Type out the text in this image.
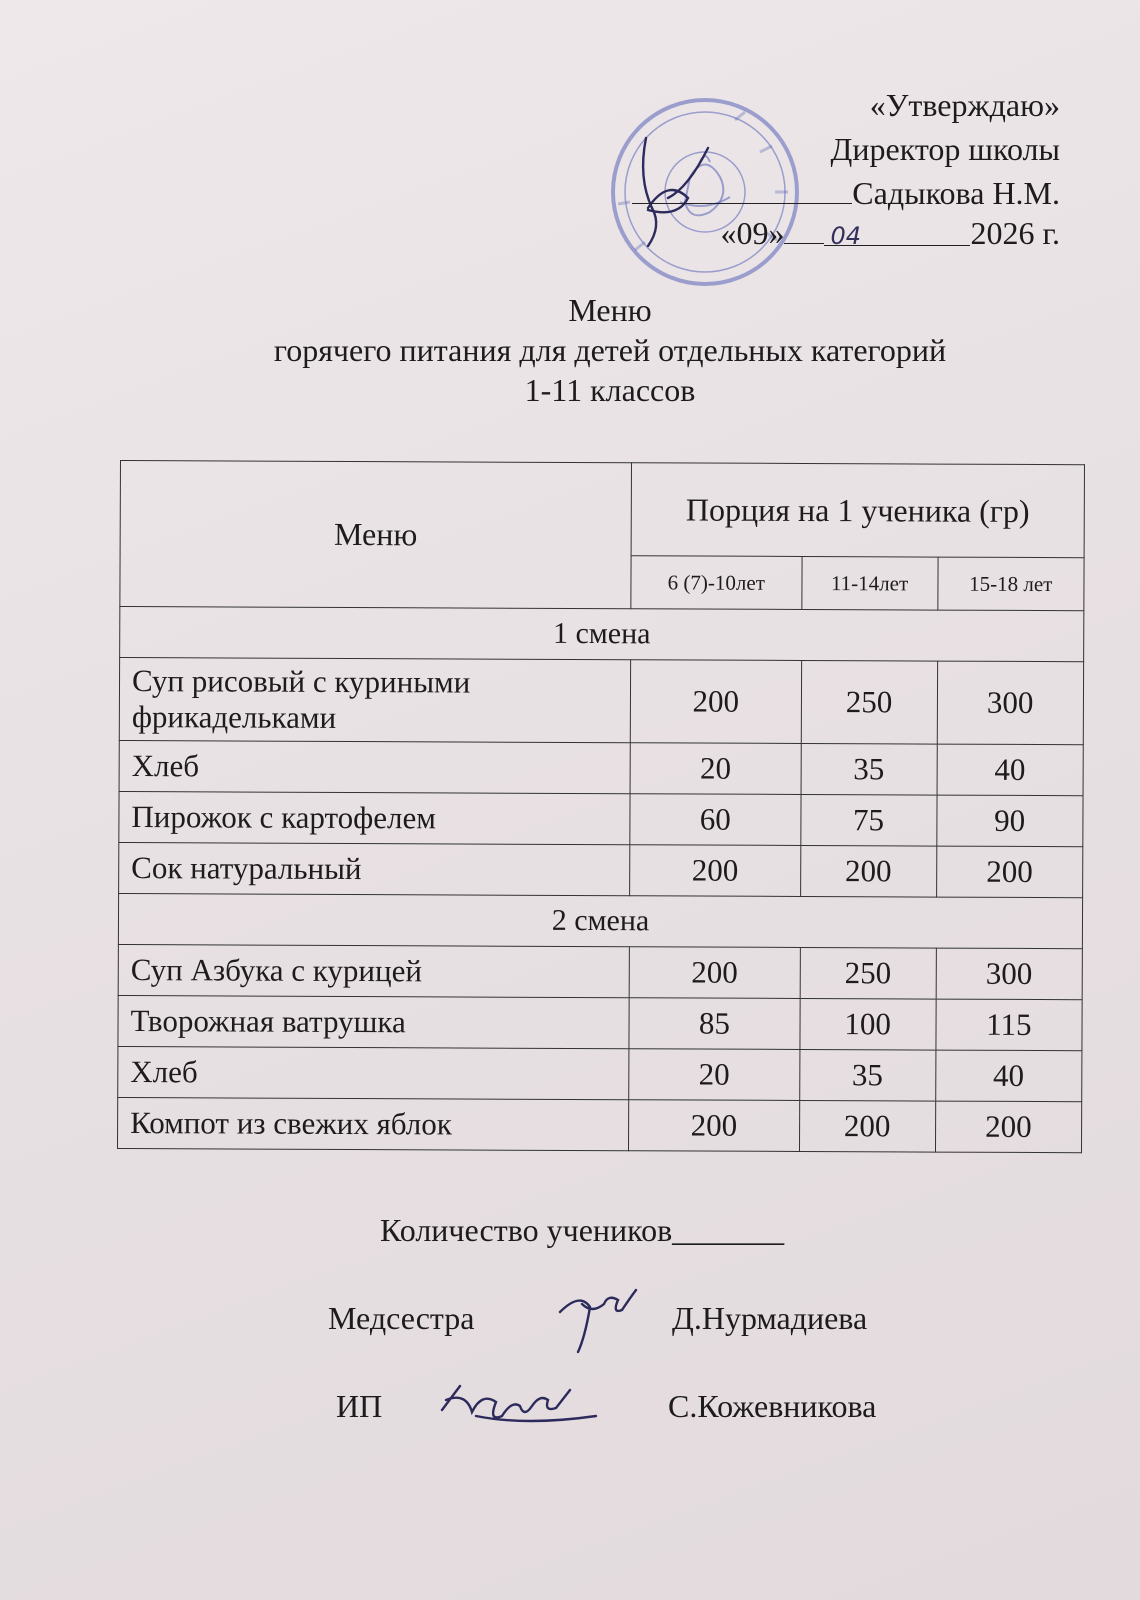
«Утверждаю»
Директор школы
Садыкова Н.М.
«09» 04	2026 г.
Меню
горячего питания для детей отдельных категорий
1-11 классов
Меню	Порция на 1 ученика (гр)		
	6 (7)-10лет	11-14лет	15-18 лет
1 смена			
Суп рисовый с куриными фрикадельками	200	250	300
Хлеб	20	35	40
Пирожок с картофелем	60	75	90
Сок натуральный	200	200	200
2 смена			
Суп Азбука с курицей	200	250	300
Творожная ватрушка	85	100	115
Хлеб	20	35	40
Компот из свежих яблок	200	200	200
Количество учеников_______
Медсестра	Д.Нурмадиева
ИП	С.Кожевникова
